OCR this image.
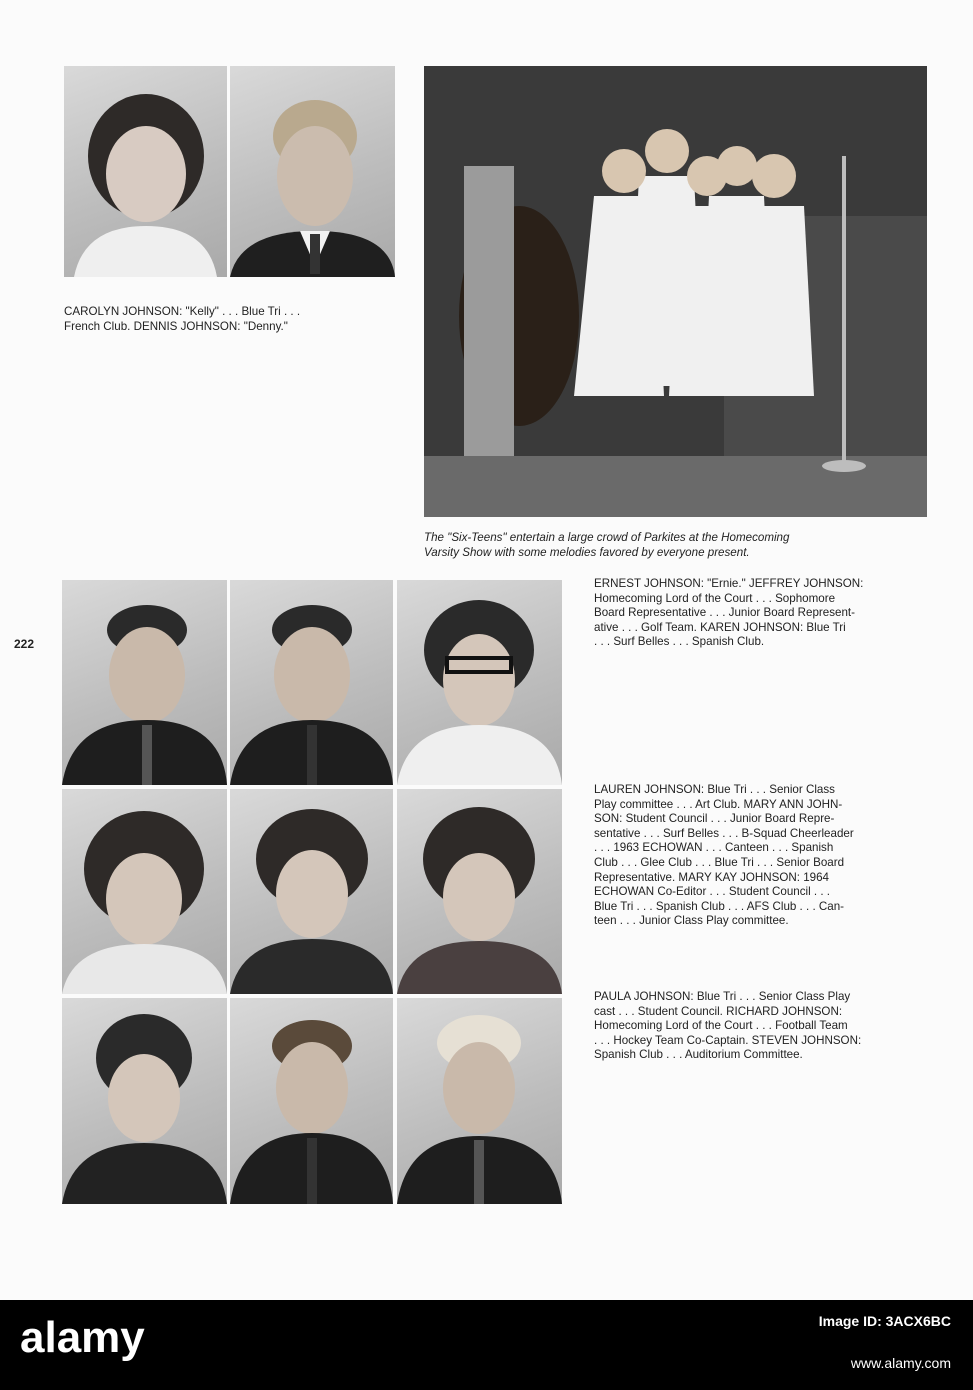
CAROLYN JOHNSON: "Kelly" . . . Blue Tri . . .
French Club. DENNIS JOHNSON: "Denny."
The "Six-Teens" entertain a large crowd of Parkites at the Homecoming
Varsity Show with some melodies favored by everyone present.
222
ERNEST JOHNSON: "Ernie." JEFFREY JOHNSON:
Homecoming Lord of the Court . . . Sophomore
Board Representative . . . Junior Board Represent-
ative . . . Golf Team. KAREN JOHNSON: Blue Tri
. . . Surf Belles . . . Spanish Club.
LAUREN JOHNSON: Blue Tri . . . Senior Class
Play committee . . . Art Club. MARY ANN JOHN-
SON: Student Council . . . Junior Board Repre-
sentative . . . Surf Belles . . . B-Squad Cheerleader
. . . 1963 ECHOWAN . . . Canteen . . . Spanish
Club . . . Glee Club . . . Blue Tri . . . Senior Board
Representative. MARY KAY JOHNSON: 1964
ECHOWAN Co-Editor . . . Student Council . . .
Blue Tri . . . Spanish Club . . . AFS Club . . . Can-
teen . . . Junior Class Play committee.
PAULA JOHNSON: Blue Tri . . . Senior Class Play
cast . . . Student Council. RICHARD JOHNSON:
Homecoming Lord of the Court . . . Football Team
. . . Hockey Team Co-Captain. STEVEN JOHNSON:
Spanish Club . . . Auditorium Committee.
alamy	Image ID: 3ACX6BC
www.alamy.com
